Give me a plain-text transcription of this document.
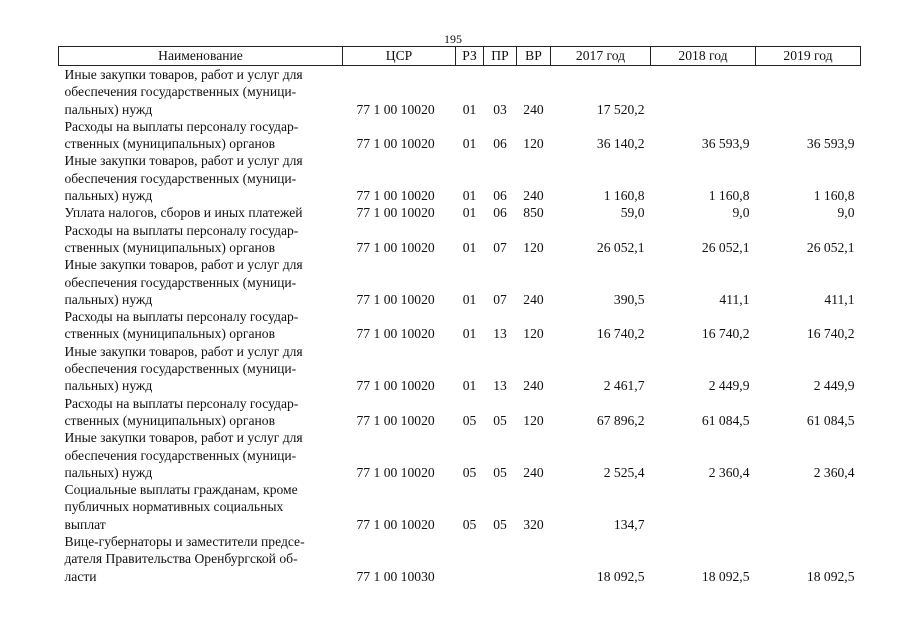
195
Наименование	ЦСР	РЗ	ПР	ВР	2017 год	2018 год	2019 год

Иные закупки товаров, работ и услуг для
обеспечения государственных (муници-
пальных) нужд	77 1 00 10020	01	03	240	17 520,2		

Расходы на выплаты персоналу государ-
ственных (муниципальных) органов	77 1 00 10020	01	06	120	36 140,2	36 593,9	36 593,9

Иные закупки товаров, работ и услуг для
обеспечения государственных (муници-
пальных) нужд	77 1 00 10020	01	06	240	1 160,8	1 160,8	1 160,8

Уплата налогов, сборов и иных платежей	77 1 00 10020	01	06	850	59,0	9,0	9,0

Расходы на выплаты персоналу государ-
ственных (муниципальных) органов	77 1 00 10020	01	07	120	26 052,1	26 052,1	26 052,1

Иные закупки товаров, работ и услуг для
обеспечения государственных (муници-
пальных) нужд	77 1 00 10020	01	07	240	390,5	411,1	411,1

Расходы на выплаты персоналу государ-
ственных (муниципальных) органов	77 1 00 10020	01	13	120	16 740,2	16 740,2	16 740,2

Иные закупки товаров, работ и услуг для
обеспечения государственных (муници-
пальных) нужд	77 1 00 10020	01	13	240	2 461,7	2 449,9	2 449,9

Расходы на выплаты персоналу государ-
ственных (муниципальных) органов	77 1 00 10020	05	05	120	67 896,2	61 084,5	61 084,5

Иные закупки товаров, работ и услуг для
обеспечения государственных (муници-
пальных) нужд	77 1 00 10020	05	05	240	2 525,4	2 360,4	2 360,4

Социальные выплаты гражданам, кроме
публичных нормативных социальных
выплат	77 1 00 10020	05	05	320	134,7		

Вице-губернаторы и заместители предсе-
дателя Правительства Оренбургской об-
ласти	77 1 00 10030				18 092,5	18 092,5	18 092,5
